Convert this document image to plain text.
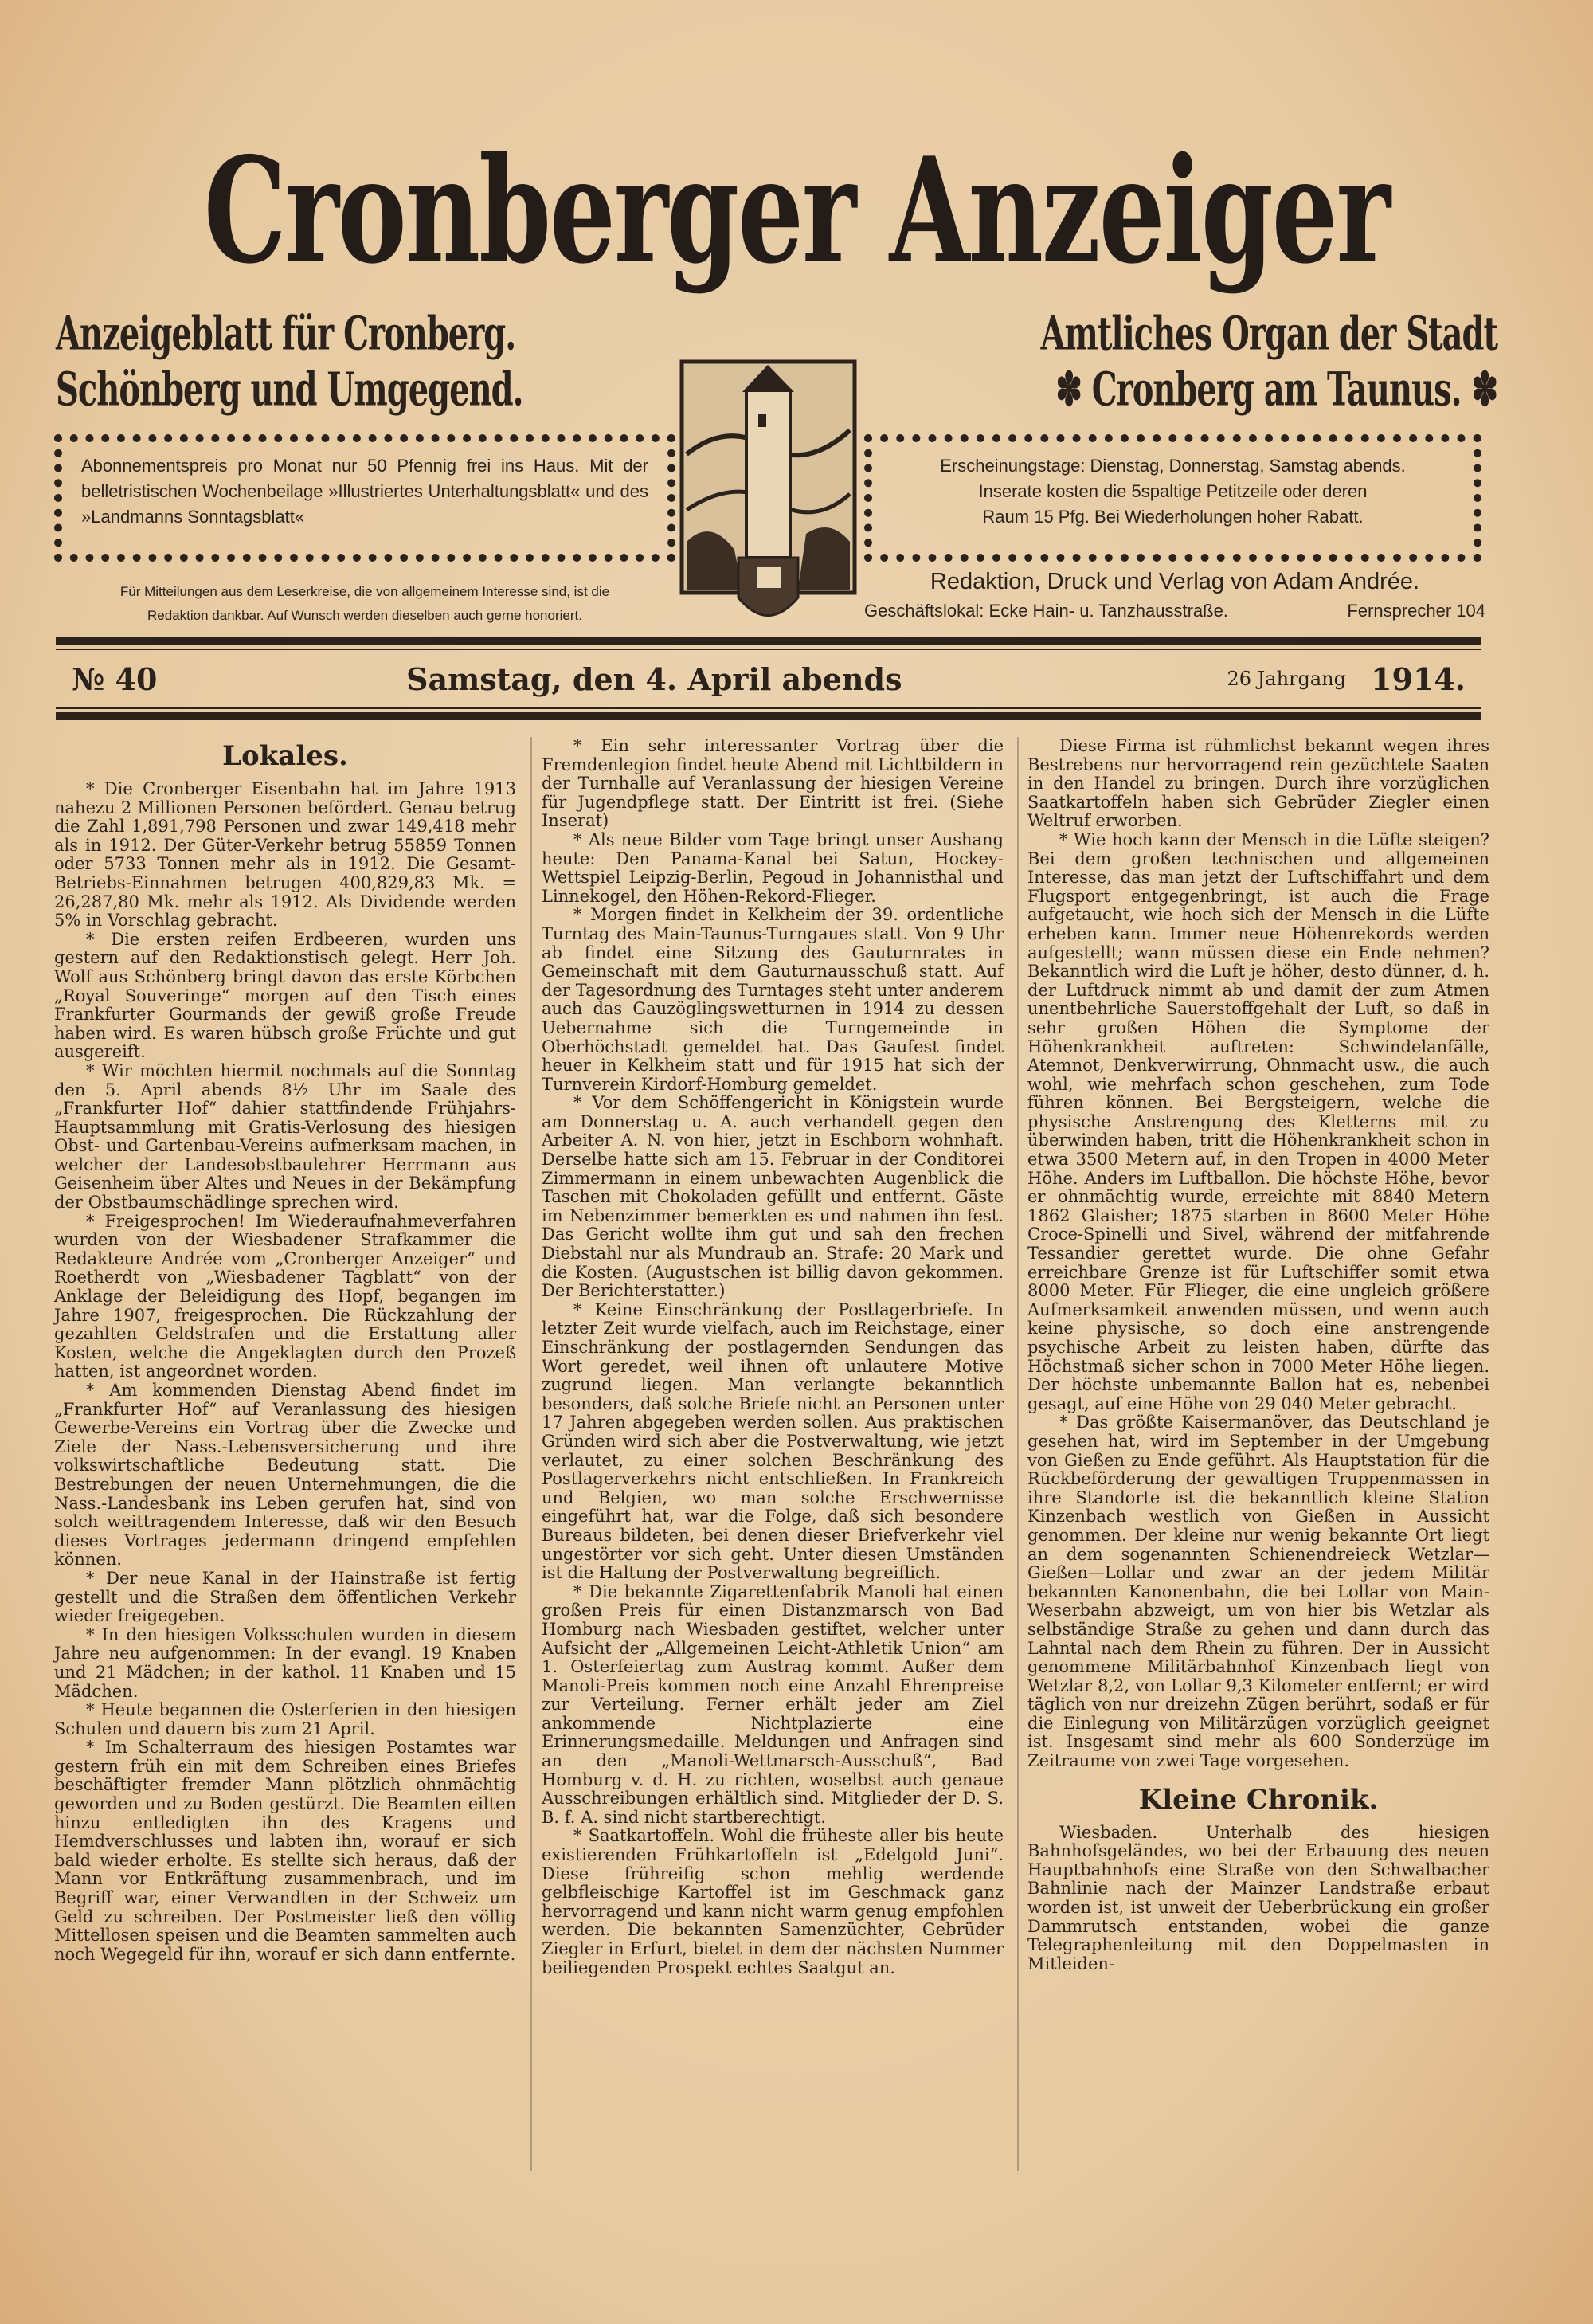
Cronberger Anzeiger
Anzeigeblatt für Cronberg.
Schönberg und Umgegend.
Amtliches Organ der Stadt
✽ Cronberg am Taunus. ✽
Abonnementspreis pro Monat nur 50 Pfennig frei ins Haus. Mit der belletristischen Wochenbeilage »Illustriertes Unterhaltungsblatt« und des »Landmanns Sonntagsblatt«
Erscheinungstage: Dienstag, Donnerstag, Samstag abends.
Inserate kosten die 5spaltige Petitzeile oder deren
Raum 15 Pfg. Bei Wiederholungen hoher Rabatt.
Für Mitteilungen aus dem Leserkreise, die von allgemeinem Interesse sind, ist die
Redaktion dankbar. Auf Wunsch werden dieselben auch gerne honoriert.
Redaktion, Druck und Verlag von Adam Andrée.
Geschäftslokal: Ecke Hain- u. Tanzhausstraße.	Fernsprecher 104
№ 40	Samstag, den 4. April abends	26 Jahrgang 1914.
Lokales.

* Die Cronberger Eisenbahn hat im Jahre 1913 nahezu 2 Millionen Personen befördert. Genau betrug die Zahl 1,891,798 Personen und zwar 149,418 mehr als in 1912. Der Güter-Verkehr betrug 55859 Tonnen oder 5733 Tonnen mehr als in 1912. Die Gesamt-Betriebs-Einnahmen betrugen 400,829,83 Mk. = 26,287,80 Mk. mehr als 1912. Als Dividende werden 5% in Vorschlag gebracht.

* Die ersten reifen Erdbeeren, wurden uns gestern auf den Redaktionstisch gelegt. Herr Joh. Wolf aus Schönberg bringt davon das erste Körbchen „Royal Souveringe“ morgen auf den Tisch eines Frankfurter Gourmands der gewiß große Freude haben wird. Es waren hübsch große Früchte und gut ausgereift.

* Wir möchten hiermit nochmals auf die Sonntag den 5. April abends 8½ Uhr im Saale des „Frankfurter Hof“ dahier stattfindende Frühjahrs-Hauptsammlung mit Gratis-Verlosung des hiesigen Obst- und Gartenbau-Vereins aufmerksam machen, in welcher der Landesobstbaulehrer Herrmann aus Geisenheim über Altes und Neues in der Bekämpfung der Obstbaumschädlinge sprechen wird.

* Freigesprochen! Im Wiederaufnahmeverfahren wurden von der Wiesbadener Strafkammer die Redakteure Andrée vom „Cronberger Anzeiger“ und Roetherdt von „Wiesbadener Tagblatt“ von der Anklage der Beleidigung des Hopf, begangen im Jahre 1907, freigesprochen. Die Rückzahlung der gezahlten Geldstrafen und die Erstattung aller Kosten, welche die Angeklagten durch den Prozeß hatten, ist angeordnet worden.

* Am kommenden Dienstag Abend findet im „Frankfurter Hof“ auf Veranlassung des hiesigen Gewerbe-Vereins ein Vortrag über die Zwecke und Ziele der Nass.-Lebensversicherung und ihre volkswirtschaftliche Bedeutung statt. Die Bestrebungen der neuen Unternehmungen, die die Nass.-Landesbank ins Leben gerufen hat, sind von solch weittragendem Interesse, daß wir den Besuch dieses Vortrages jedermann dringend empfehlen können.

* Der neue Kanal in der Hainstraße ist fertig gestellt und die Straßen dem öffentlichen Verkehr wieder freigegeben.

* In den hiesigen Volksschulen wurden in diesem Jahre neu aufgenommen: In der evangl. 19 Knaben und 21 Mädchen; in der kathol. 11 Knaben und 15 Mädchen.

* Heute begannen die Osterferien in den hiesigen Schulen und dauern bis zum 21 April.

* Im Schalterraum des hiesigen Postamtes war gestern früh ein mit dem Schreiben eines Briefes beschäftigter fremder Mann plötzlich ohnmächtig geworden und zu Boden gestürzt. Die Beamten eilten hinzu entledigten ihn des Kragens und Hemdverschlusses und labten ihn, worauf er sich bald wieder erholte. Es stellte sich heraus, daß der Mann vor Entkräftung zusammenbrach, und im Begriff war, einer Verwandten in der Schweiz um Geld zu schreiben. Der Postmeister ließ den völlig Mittellosen speisen und die Beamten sammelten auch noch Wegegeld für ihn, worauf er sich dann entfernte.

* Ein sehr interessanter Vortrag über die Fremdenlegion findet heute Abend mit Lichtbildern in der Turnhalle auf Veranlassung der hiesigen Vereine für Jugendpflege statt. Der Eintritt ist frei. (Siehe Inserat)

* Als neue Bilder vom Tage bringt unser Aushang heute: Den Panama-Kanal bei Satun, Hockey-Wettspiel Leipzig-Berlin, Pegoud in Johannisthal und Linnekogel, den Höhen-Rekord-Flieger.

* Morgen findet in Kelkheim der 39. ordentliche Turntag des Main-Taunus-Turngaues statt. Von 9 Uhr ab findet eine Sitzung des Gauturnrates in Gemeinschaft mit dem Gauturnausschuß statt. Auf der Tagesordnung des Turntages steht unter anderem auch das Gauzöglingswetturnen in 1914 zu dessen Uebernahme sich die Turngemeinde in Oberhöchstadt gemeldet hat. Das Gaufest findet heuer in Kelkheim statt und für 1915 hat sich der Turnverein Kirdorf-Homburg gemeldet.

* Vor dem Schöffengericht in Königstein wurde am Donnerstag u. A. auch verhandelt gegen den Arbeiter A. N. von hier, jetzt in Eschborn wohnhaft. Derselbe hatte sich am 15. Februar in der Conditorei Zimmermann in einem unbewachten Augenblick die Taschen mit Chokoladen gefüllt und entfernt. Gäste im Nebenzimmer bemerkten es und nahmen ihn fest. Das Gericht wollte ihm gut und sah den frechen Diebstahl nur als Mundraub an. Strafe: 20 Mark und die Kosten. (Augustschen ist billig davon gekommen. Der Berichterstatter.)

* Keine Einschränkung der Postlagerbriefe. In letzter Zeit wurde vielfach, auch im Reichstage, einer Einschränkung der postlagernden Sendungen das Wort geredet, weil ihnen oft unlautere Motive zugrund liegen. Man verlangte bekanntlich besonders, daß solche Briefe nicht an Personen unter 17 Jahren abgegeben werden sollen. Aus praktischen Gründen wird sich aber die Postverwaltung, wie jetzt verlautet, zu einer solchen Beschränkung des Postlagerverkehrs nicht entschließen. In Frankreich und Belgien, wo man solche Erschwernisse eingeführt hat, war die Folge, daß sich besondere Bureaus bildeten, bei denen dieser Briefverkehr viel ungestörter vor sich geht. Unter diesen Umständen ist die Haltung der Postverwaltung begreiflich.

* Die bekannte Zigarettenfabrik Manoli hat einen großen Preis für einen Distanzmarsch von Bad Homburg nach Wiesbaden gestiftet, welcher unter Aufsicht der „Allgemeinen Leicht-Athletik Union“ am 1. Osterfeiertag zum Austrag kommt. Außer dem Manoli-Preis kommen noch eine Anzahl Ehrenpreise zur Verteilung. Ferner erhält jeder am Ziel ankommende Nichtplazierte eine Erinnerungsmedaille. Meldungen und Anfragen sind an den „Manoli-Wettmarsch-Ausschuß“, Bad Homburg v. d. H. zu richten, woselbst auch genaue Ausschreibungen erhältlich sind. Mitglieder der D. S. B. f. A. sind nicht startberechtigt.

* Saatkartoffeln. Wohl die früheste aller bis heute existierenden Frühkartoffeln ist „Edelgold Juni“. Diese frühreifig schon mehlig werdende gelbfleischige Kartoffel ist im Geschmack ganz hervorragend und kann nicht warm genug empfohlen werden. Die bekannten Samenzüchter, Gebrüder Ziegler in Erfurt, bietet in dem der nächsten Nummer beiliegenden Prospekt echtes Saatgut an.

Diese Firma ist rühmlichst bekannt wegen ihres Bestrebens nur hervorragend rein gezüchtete Saaten in den Handel zu bringen. Durch ihre vorzüglichen Saatkartoffeln haben sich Gebrüder Ziegler einen Weltruf erworben.

* Wie hoch kann der Mensch in die Lüfte steigen? Bei dem großen technischen und allgemeinen Interesse, das man jetzt der Luftschiffahrt und dem Flugsport entgegenbringt, ist auch die Frage aufgetaucht, wie hoch sich der Mensch in die Lüfte erheben kann. Immer neue Höhenrekords werden aufgestellt; wann müssen diese ein Ende nehmen? Bekanntlich wird die Luft je höher, desto dünner, d. h. der Luftdruck nimmt ab und damit der zum Atmen unentbehrliche Sauerstoffgehalt der Luft, so daß in sehr großen Höhen die Symptome der Höhenkrankheit auftreten: Schwindelanfälle, Atemnot, Denkverwirrung, Ohnmacht usw., die auch wohl, wie mehrfach schon geschehen, zum Tode führen können. Bei Bergsteigern, welche die physische Anstrengung des Kletterns mit zu überwinden haben, tritt die Höhenkrankheit schon in etwa 3500 Metern auf, in den Tropen in 4000 Meter Höhe. Anders im Luftballon. Die höchste Höhe, bevor er ohnmächtig wurde, erreichte mit 8840 Metern 1862 Glaisher; 1875 starben in 8600 Meter Höhe Croce-Spinelli und Sivel, während der mitfahrende Tessandier gerettet wurde. Die ohne Gefahr erreichbare Grenze ist für Luftschiffer somit etwa 8000 Meter. Für Flieger, die eine ungleich größere Aufmerksamkeit anwenden müssen, und wenn auch keine physische, so doch eine anstrengende psychische Arbeit zu leisten haben, dürfte das Höchstmaß sicher schon in 7000 Meter Höhe liegen. Der höchste unbemannte Ballon hat es, nebenbei gesagt, auf eine Höhe von 29 040 Meter gebracht.

* Das größte Kaisermanöver, das Deutschland je gesehen hat, wird im September in der Umgebung von Gießen zu Ende geführt. Als Hauptstation für die Rückbeförderung der gewaltigen Truppenmassen in ihre Standorte ist die bekanntlich kleine Station Kinzenbach westlich von Gießen in Aussicht genommen. Der kleine nur wenig bekannte Ort liegt an dem sogenannten Schienendreieck Wetzlar—Gießen—Lollar und zwar an der jedem Militär bekannten Kanonenbahn, die bei Lollar von Main-Weserbahn abzweigt, um von hier bis Wetzlar als selbständige Straße zu gehen und dann durch das Lahntal nach dem Rhein zu führen. Der in Aussicht genommene Militärbahnhof Kinzenbach liegt von Wetzlar 8,2, von Lollar 9,3 Kilometer entfernt; er wird täglich von nur dreizehn Zügen berührt, sodaß er für die Einlegung von Militärzügen vorzüglich geeignet ist. Insgesamt sind mehr als 600 Sonderzüge im Zeitraume von zwei Tage vorgesehen.

Kleine Chronik.

Wiesbaden. Unterhalb des hiesigen Bahnhofsgeländes, wo bei der Erbauung des neuen Hauptbahnhofs eine Straße von den Schwalbacher Bahnlinie nach der Mainzer Landstraße erbaut worden ist, ist unweit der Ueberbrückung ein großer Dammrutsch entstanden, wobei die ganze Telegraphenleitung mit den Doppelmasten in Mitleiden-
